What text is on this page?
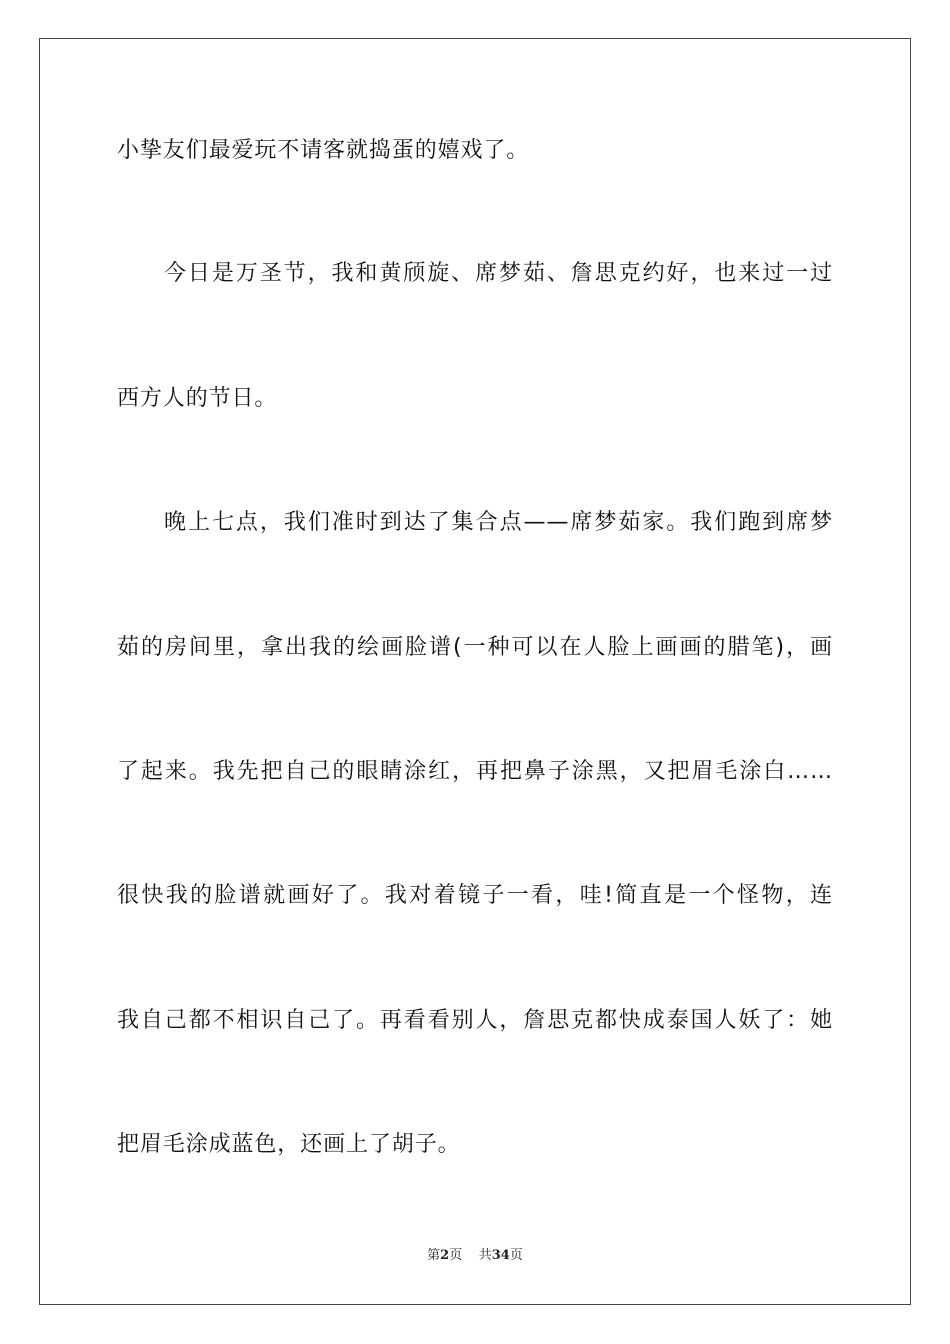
小挚友们最爱玩不请客就捣蛋的嬉戏了。

今日是万圣节，我和黄颀旋、席梦茹、詹思克约好，也来过一过

西方人的节日。

晚上七点，我们准时到达了集合点——席梦茹家。我们跑到席梦

茹的房间里，拿出我的绘画脸谱(一种可以在人脸上画画的腊笔)，画

了起来。我先把自己的眼睛涂红，再把鼻子涂黑，又把眉毛涂白……

很快我的脸谱就画好了。我对着镜子一看，哇!简直是一个怪物，连

我自己都不相识自己了。再看看别人，詹思克都快成泰国人妖了：她

把眉毛涂成蓝色，还画上了胡子。

第2页 共34页
